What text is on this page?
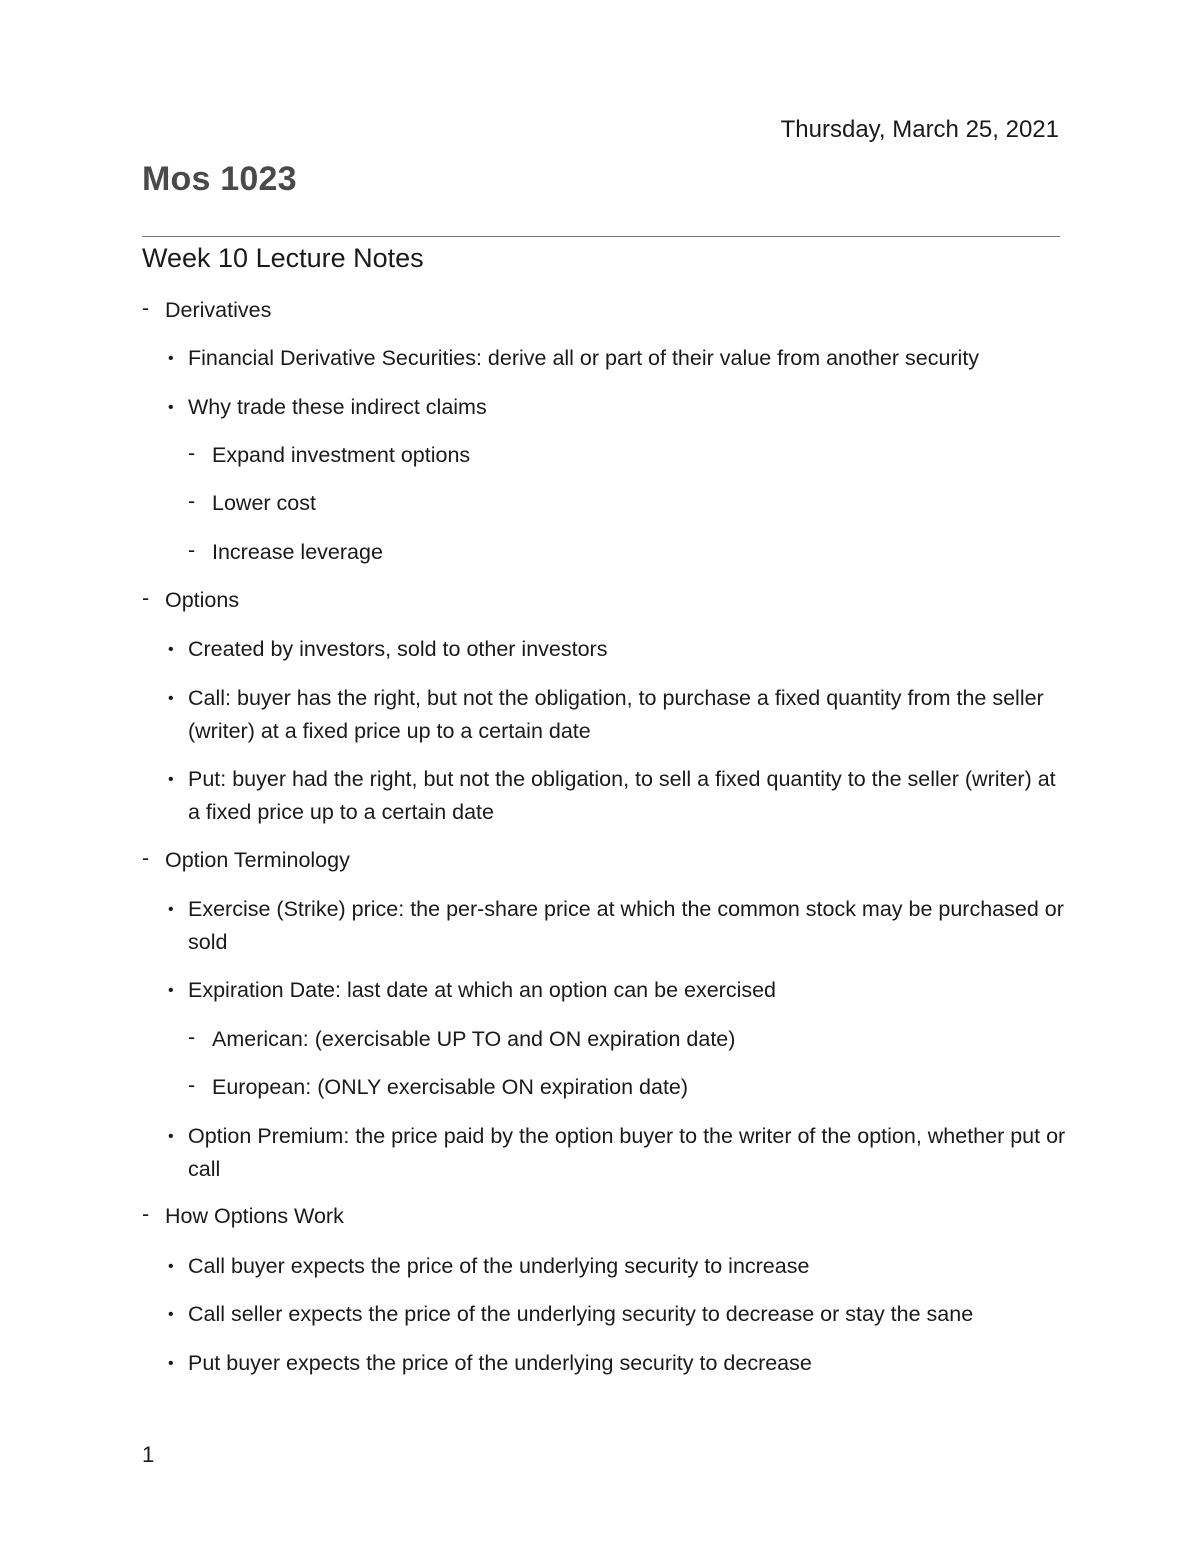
Thursday, March 25, 2021
Mos 1023
Week 10 Lecture Notes
- Derivatives
• Financial Derivative Securities: derive all or part of their value from another security
• Why trade these indirect claims
- Expand investment options
- Lower cost
- Increase leverage
- Options
• Created by investors, sold to other investors
• Call: buyer has the right, but not the obligation, to purchase a fixed quantity from the seller (writer) at a fixed price up to a certain date
• Put: buyer had the right, but not the obligation, to sell a fixed quantity to the seller (writer) at a fixed price up to a certain date
- Option Terminology
• Exercise (Strike) price: the per-share price at which the common stock may be purchased or sold
• Expiration Date: last date at which an option can be exercised
- American: (exercisable UP TO and ON expiration date)
- European: (ONLY exercisable ON expiration date)
• Option Premium: the price paid by the option buyer to the writer of the option, whether put or call
- How Options Work
• Call buyer expects the price of the underlying security to increase
• Call seller expects the price of the underlying security to decrease or stay the sane
• Put buyer expects the price of the underlying security to decrease
1
